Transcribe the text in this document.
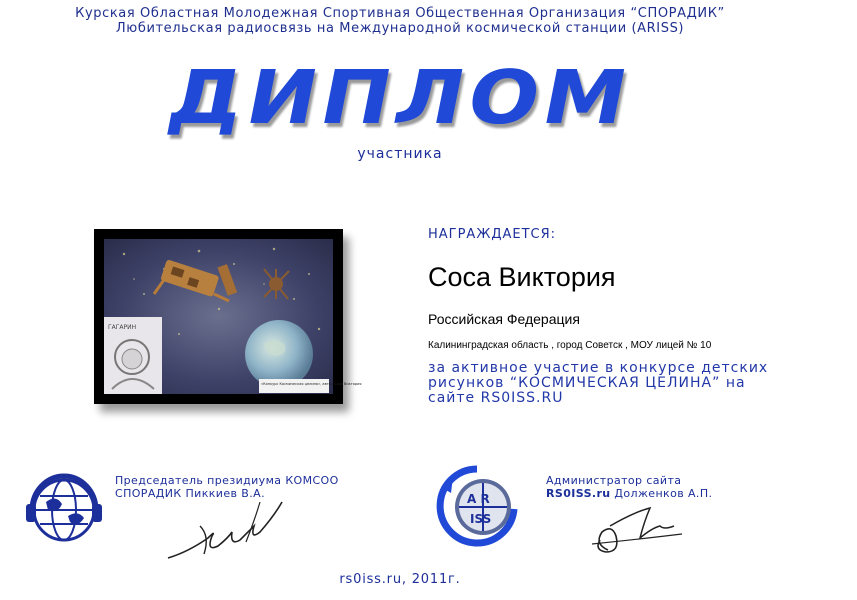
Курская Областная Молодежная Спортивная Общественная Организация “СПОРАДИК”
Любительская радиосвязь на Международной космической станции (ARISS)
ДИПЛОМ
участника
ГАГАРИН
«Конкурс Космическая целина», автор Соса Виктория
НАГРАЖДАЕТСЯ:
Соса Виктория
Российская Федерация
Калининградская область , город Советск , МОУ лицей № 10
за активное участие в конкурсе детских рисунков “КОСМИЧЕСКАЯ ЦЕЛИНА” на сайте RS0ISS.RU
Председатель президиума КОМСОО
СПОРАДИК Пиккиев В.А.	A R
ISS
Администратор сайта
RS0ISS.ru Долженков А.П.
rs0iss.ru, 2011г.
